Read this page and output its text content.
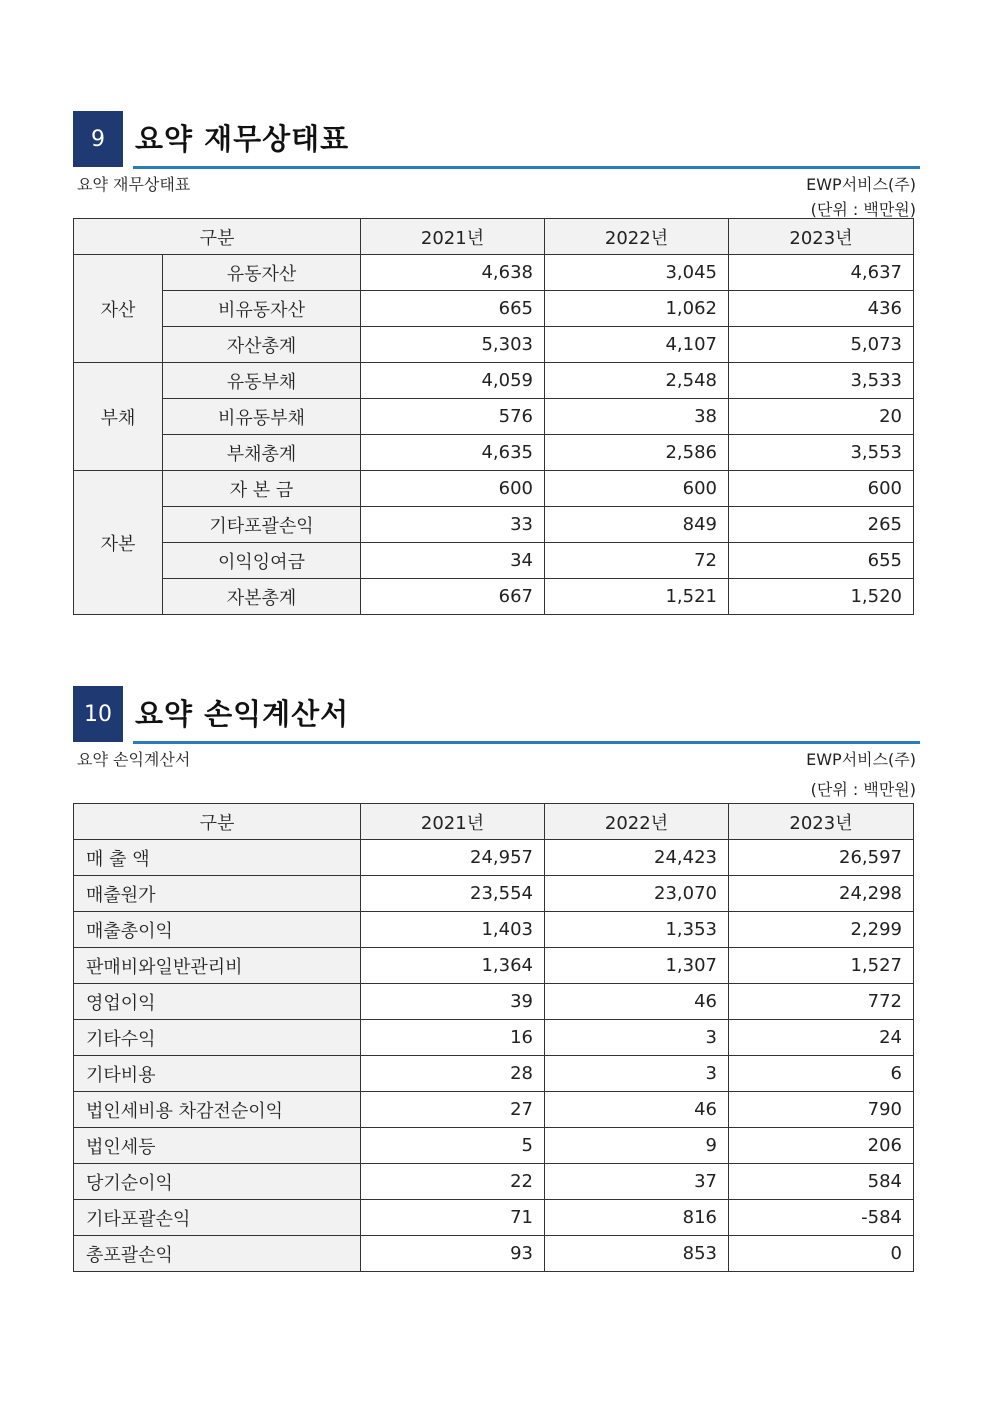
9	요약 재무상태표
요약 재무상태표	EWP서비스(주)
(단위 : 백만원)
구분		2021년	2022년	2023년
자산	유동자산	4,638	3,045	4,637
	비유동자산	665	1,062	436
	자산총계	5,303	4,107	5,073
부채	유동부채	4,059	2,548	3,533
	비유동부채	576	38	20
	부채총계	4,635	2,586	3,553
자본	자 본 금	600	600	600
	기타포괄손익	33	849	265
	이익잉여금	34	72	655
	자본총계	667	1,521	1,520
10 요약 손익계산서
요약 손익계산서	EWP서비스(주)
(단위 : 백만원)
구분	2021년	2022년	2023년
매 출 액	24,957	24,423	26,597
매출원가	23,554	23,070	24,298
매출총이익	1,403	1,353	2,299
판매비와일반관리비	1,364	1,307	1,527
영업이익	39	46	772
기타수익	16	3	24
기타비용	28	3	6
법인세비용 차감전순이익	27	46	790
법인세등	5	9	206
당기순이익	22	37	584
기타포괄손익	71	816	-584
총포괄손익	93	853	0
